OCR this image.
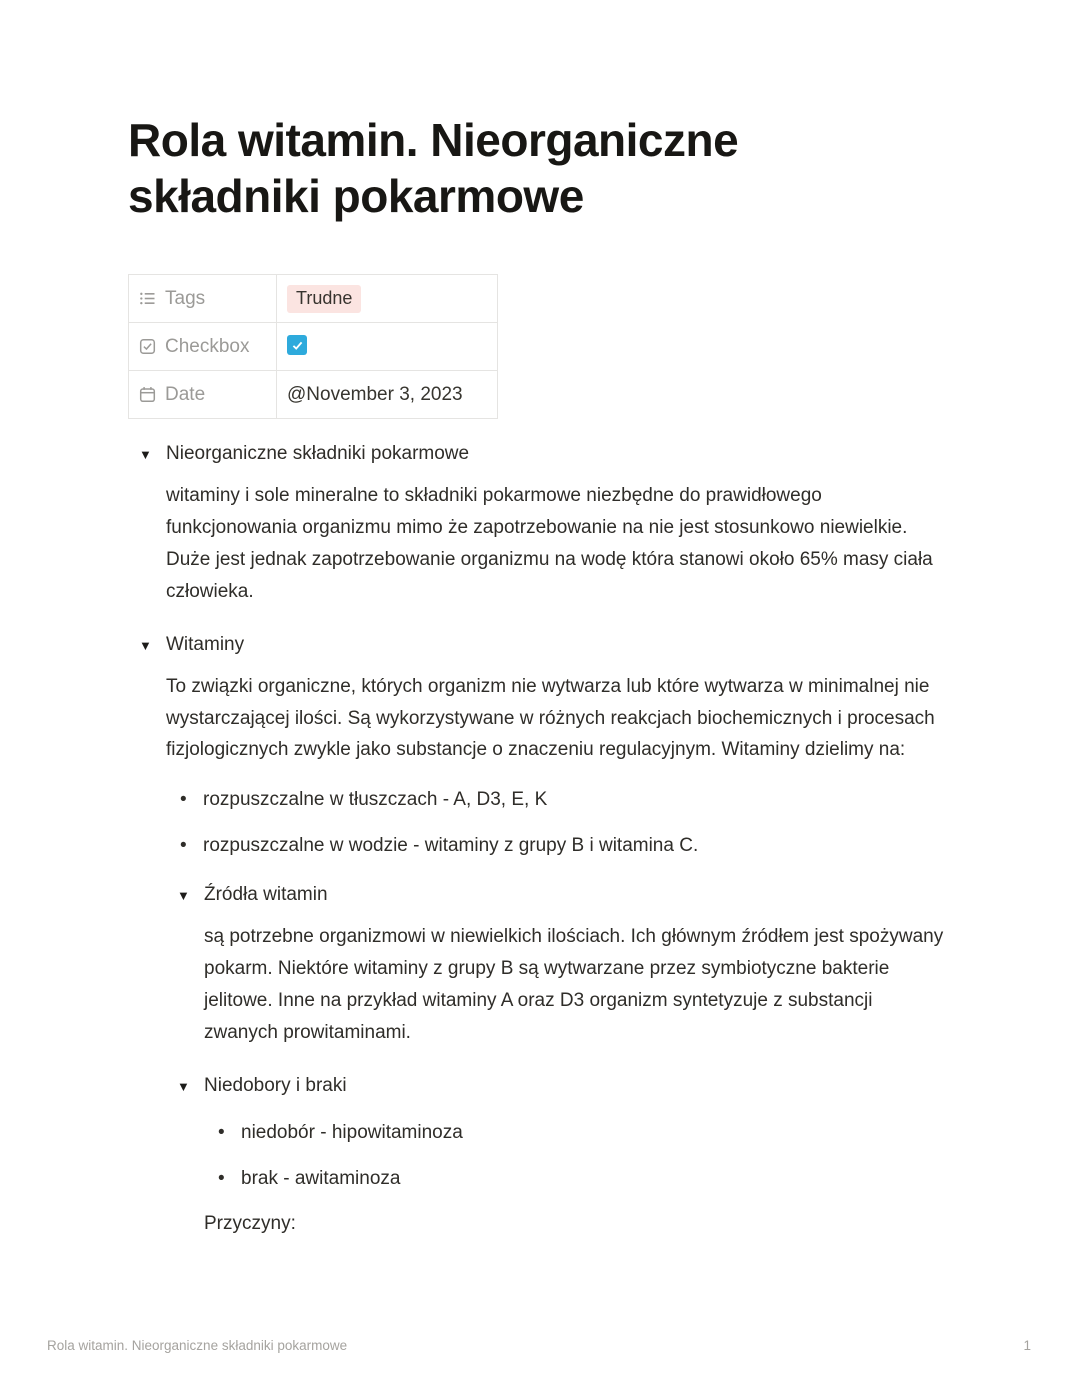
Rola witamin. Nieorganiczne składniki pokarmowe
Tags	Trudne

Checkbox

Date	@November 3, 2023
▼ Nieorganiczne składniki pokarmowe

witaminy i sole mineralne to składniki pokarmowe niezbędne do prawidłowego funkcjonowania organizmu mimo że zapotrzebowanie na nie jest stosunkowo niewielkie. Duże jest jednak zapotrzebowanie organizmu na wodę która stanowi około 65% masy ciała człowieka.

▼ Witaminy

To związki organiczne, których organizm nie wytwarza lub które wytwarza w minimalnej nie wystarczającej ilości. Są wykorzystywane w różnych reakcjach biochemicznych i procesach fizjologicznych zwykle jako substancje o znaczeniu regulacyjnym. Witaminy dzielimy na:

• rozpuszczalne w tłuszczach - A, D3, E, K
• rozpuszczalne w wodzie - witaminy z grupy B i witamina C.
▼ Źródła witamin

są potrzebne organizmowi w niewielkich ilościach. Ich głównym źródłem jest spożywany pokarm. Niektóre witaminy z grupy B są wytwarzane przez symbiotyczne bakterie jelitowe. Inne na przykład witaminy A oraz D3 organizm syntetyzuje z substancji zwanych prowitaminami.

▼ Niedobory i braki
• niedobór - hipowitaminoza
• brak - awitaminoza

Przyczyny:

Rola witamin. Nieorganiczne składniki pokarmowe	1
